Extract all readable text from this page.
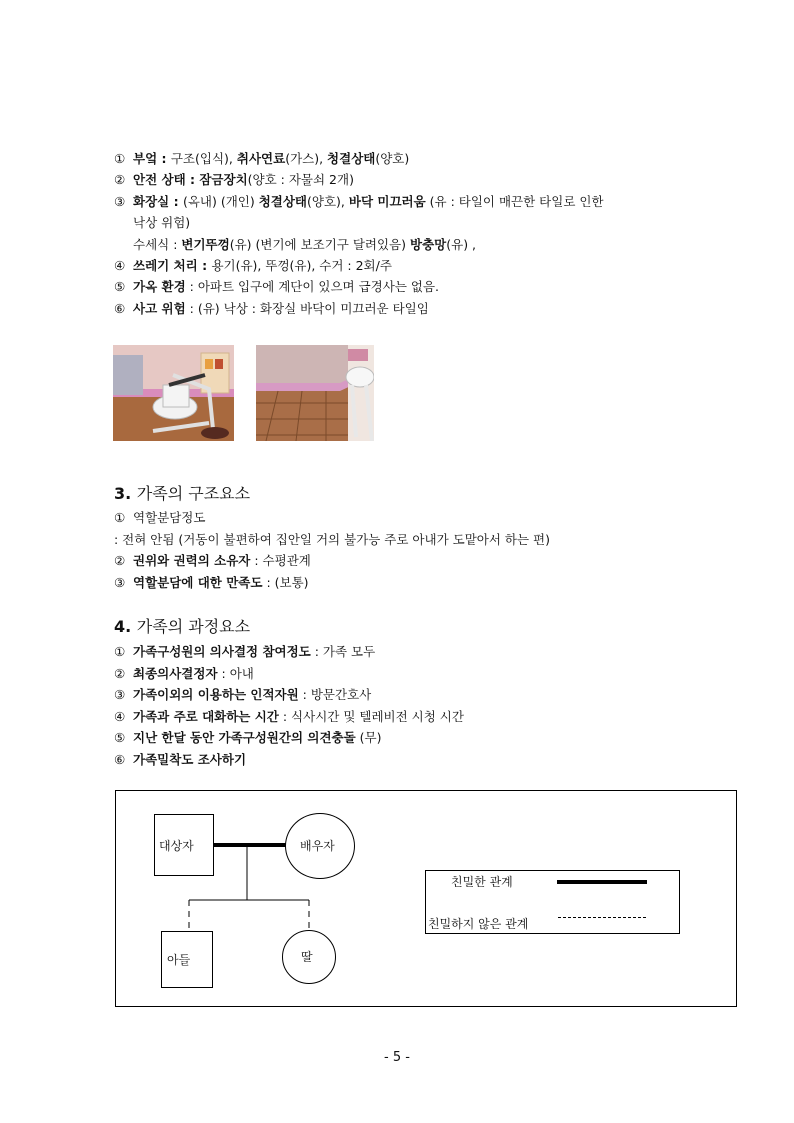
① 부엌 : 구조(입식), 취사연료(가스), 청결상태(양호)
② 안전 상태 : 잠금장치(양호 : 자물쇠 2개)
③ 화장실 : (옥내) (개인) 청결상태(양호), 바닥 미끄러움 (유 : 타일이 매끈한 타일로 인한
낙상 위험)
수세식 : 변기뚜껑(유) (변기에 보조기구 달려있음) 방충망(유) ,
④ 쓰레기 처리 : 용기(유), 뚜껑(유), 수거 : 2회/주
⑤ 가옥 환경 : 아파트 입구에 계단이 있으며 급경사는 없음.
⑥ 사고 위험 : (유) 낙상 : 화장실 바닥이 미끄러운 타일임
3. 가족의 구조요소
① 역할분담정도
: 전혀 안됨 (거동이 불편하여 집안일 거의 불가능 주로 아내가 도맡아서 하는 편)
② 권위와 권력의 소유자 : 수평관계
③ 역할분담에 대한 만족도 : (보통)
4. 가족의 과정요소
① 가족구성원의 의사결정 참여정도 : 가족 모두
② 최종의사결정자 : 아내
③ 가족이외의 이용하는 인적자원 : 방문간호사
④ 가족과 주로 대화하는 시간 : 식사시간 및 텔레비전 시청 시간
⑤ 지난 한달 동안 가족구성원간의 의견충돌 (무)
⑥ 가족밀착도 조사하기
대상자	배우자
아들	딸
친밀한 관계
친밀하지 않은 관계
- 5 -
